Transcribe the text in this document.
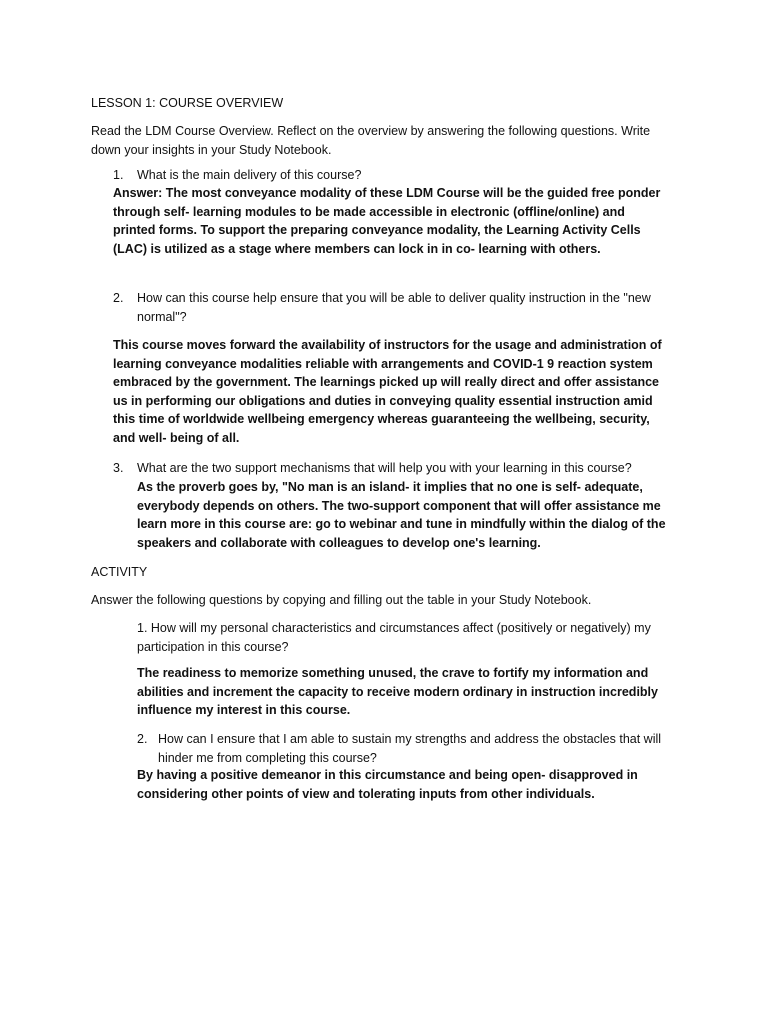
LESSON 1: COURSE OVERVIEW
Read the LDM Course Overview. Reflect on the overview by answering the following questions. Write down your insights in your Study Notebook.
1.	What is the main delivery of this course?
Answer: The most conveyance modality of these LDM Course will be the guided free ponder through self- learning modules to be made accessible in electronic (offline/online) and printed forms. To support the preparing conveyance modality, the Learning Activity Cells (LAC) is utilized as a stage where members can lock in in co- learning with others.
2.	How can this course help ensure that you will be able to deliver quality instruction in the "new normal"?
This course moves forward the availability of instructors for the usage and administration of learning conveyance modalities reliable with arrangements and COVID-1 9 reaction system embraced by the government. The learnings picked up will really direct and offer assistance us in performing our obligations and duties in conveying quality essential instruction amid this time of worldwide wellbeing emergency whereas guaranteeing the wellbeing, security, and well- being of all.
3.	What are the two support mechanisms that will help you with your learning in this course?
As the proverb goes by, "No man is an island- it implies that no one is self- adequate, everybody depends on others. The two-support component that will offer assistance me learn more in this course are: go to webinar and tune in mindfully within the dialog of the speakers and collaborate with colleagues to develop one's learning.
ACTIVITY
Answer the following questions by copying and filling out the table in your Study Notebook.
1. How will my personal characteristics and circumstances affect (positively or negatively) my participation in this course?
The readiness to memorize something unused, the crave to fortify my information and abilities and increment the capacity to receive modern ordinary in instruction incredibly influence my interest in this course.
2. How can I ensure that I am able to sustain my strengths and address the obstacles that will hinder me from completing this course?
By having a positive demeanor in this circumstance and being open- disapproved in considering other points of view and tolerating inputs from other individuals.
